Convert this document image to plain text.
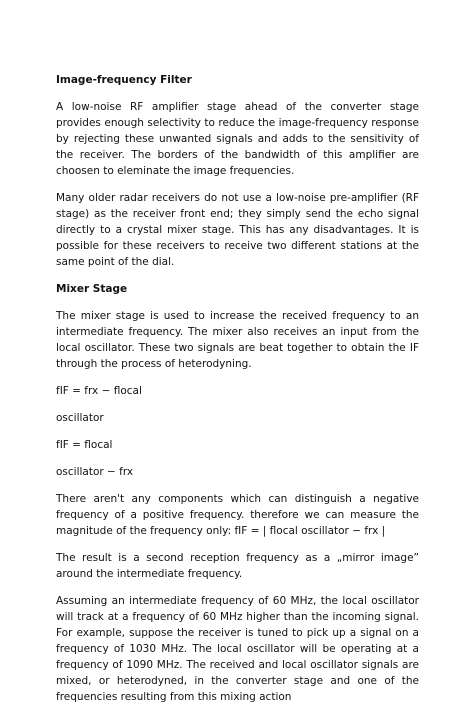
Image-frequency Filter

A low-noise RF amplifier stage ahead of the converter stage provides enough selectivity to reduce the image-frequency response by rejecting these unwanted signals and adds to the sensitivity of the receiver. The borders of the bandwidth of this amplifier are choosen to eleminate the image frequencies.

Many older radar receivers do not use a low-noise pre-amplifier (RF stage) as the receiver front end; they simply send the echo signal directly to a crystal mixer stage. This has any disadvantages. It is possible for these receivers to receive two different stations at the same point of the dial.

Mixer Stage

The mixer stage is used to increase the received frequency to an intermediate frequency. The mixer also receives an input from the local oscillator. These two signals are beat together to obtain the IF through the process of heterodyning.

fIF = frx − flocal

oscillator

fIF = flocal

oscillator − frx

There aren't any components which can distinguish a negative frequency of a positive frequency. therefore we can measure the magnitude of the frequency only: fIF = | flocal oscillator − frx |

The result is a second reception frequency as a „mirror image” around the intermediate frequency.

Assuming an intermediate frequency of 60 MHz, the local oscillator will track at a frequency of 60 MHz higher than the incoming signal. For example, suppose the receiver is tuned to pick up a signal on a frequency of 1030 MHz. The local oscillator will be operating at a frequency of 1090 MHz. The received and local oscillator signals are mixed, or heterodyned, in the converter stage and one of the frequencies resulting from this mixing action
